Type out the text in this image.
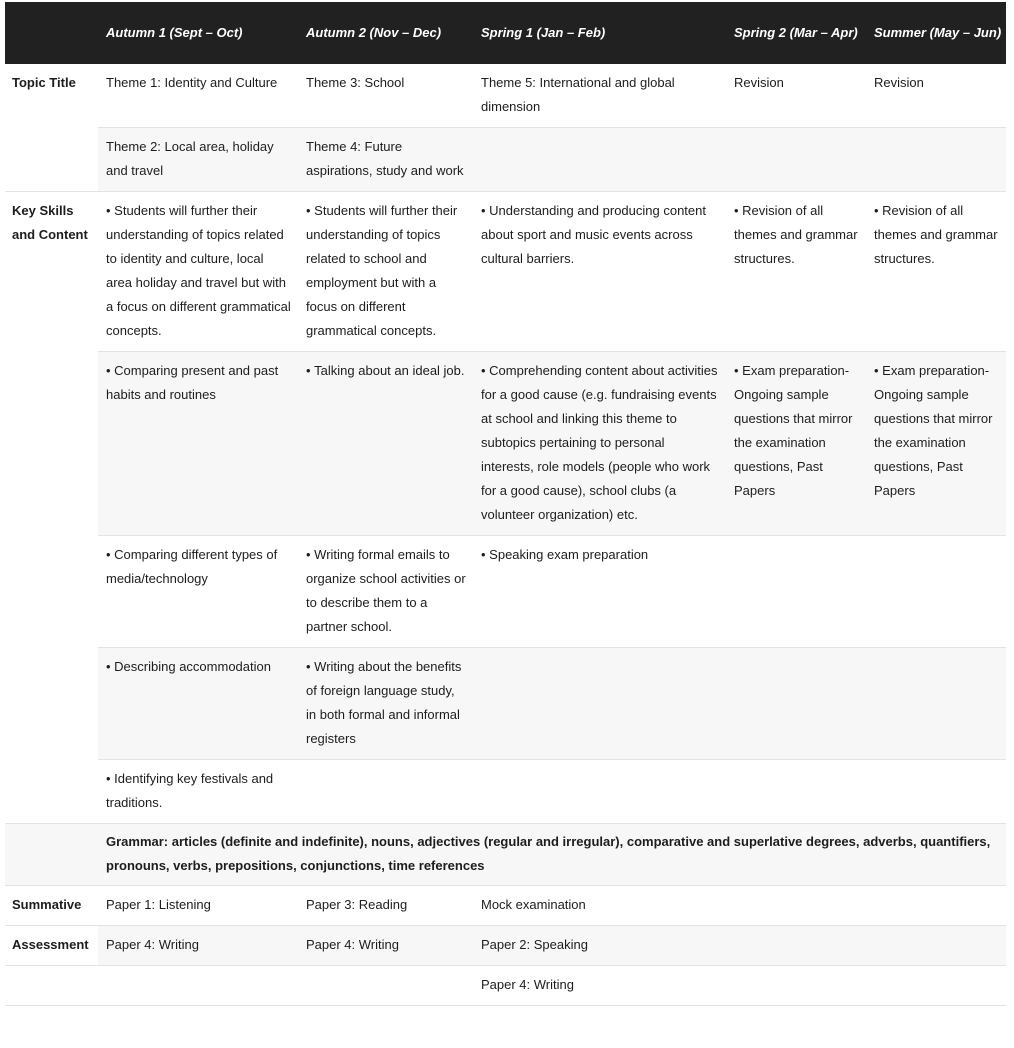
	Autumn 1 (Sept – Oct)	Autumn 2 (Nov – Dec)	Spring 1 (Jan – Feb)	Spring 2 (Mar – Apr)	Summer (May – Jun)
Topic Title	Theme 1: Identity and Culture	Theme 3: School	Theme 5: International and global dimension	Revision	Revision
	Theme 2: Local area, holiday and travel	Theme 4: Future aspirations, study and work			
Key Skills and Content	• Students will further their understanding of topics related to identity and culture, local area holiday and travel but with a focus on different grammatical concepts.	• Students will further their understanding of topics related to school and employment but with a focus on different grammatical concepts.	• Understanding and producing content about sport and music events across cultural barriers.	• Revision of all themes and grammar structures.	• Revision of all themes and grammar structures.
	• Comparing present and past habits and routines	• Talking about an ideal job.	• Comprehending content about activities for a good cause (e.g. fundraising events at school and linking this theme to subtopics pertaining to personal interests, role models (people who work for a good cause), school clubs (a volunteer organization) etc.	• Exam preparation- Ongoing sample questions that mirror the examination questions, Past Papers	• Exam preparation- Ongoing sample questions that mirror the examination questions, Past Papers
	• Comparing different types of media/technology	• Writing formal emails to organize school activities or to describe them to a partner school.	• Speaking exam preparation		
	• Describing accommodation	• Writing about the benefits of foreign language study, in both formal and informal registers			
	• Identifying key festivals and traditions.				
	Grammar: articles (definite and indefinite), nouns, adjectives (regular and irregular), comparative and superlative degrees, adverbs, quantifiers, pronouns, verbs, prepositions, conjunctions, time references				
Summative	Paper 1: Listening	Paper 3: Reading	Mock examination		
Assessment	Paper 4: Writing	Paper 4: Writing	Paper 2: Speaking		
			Paper 4: Writing		
